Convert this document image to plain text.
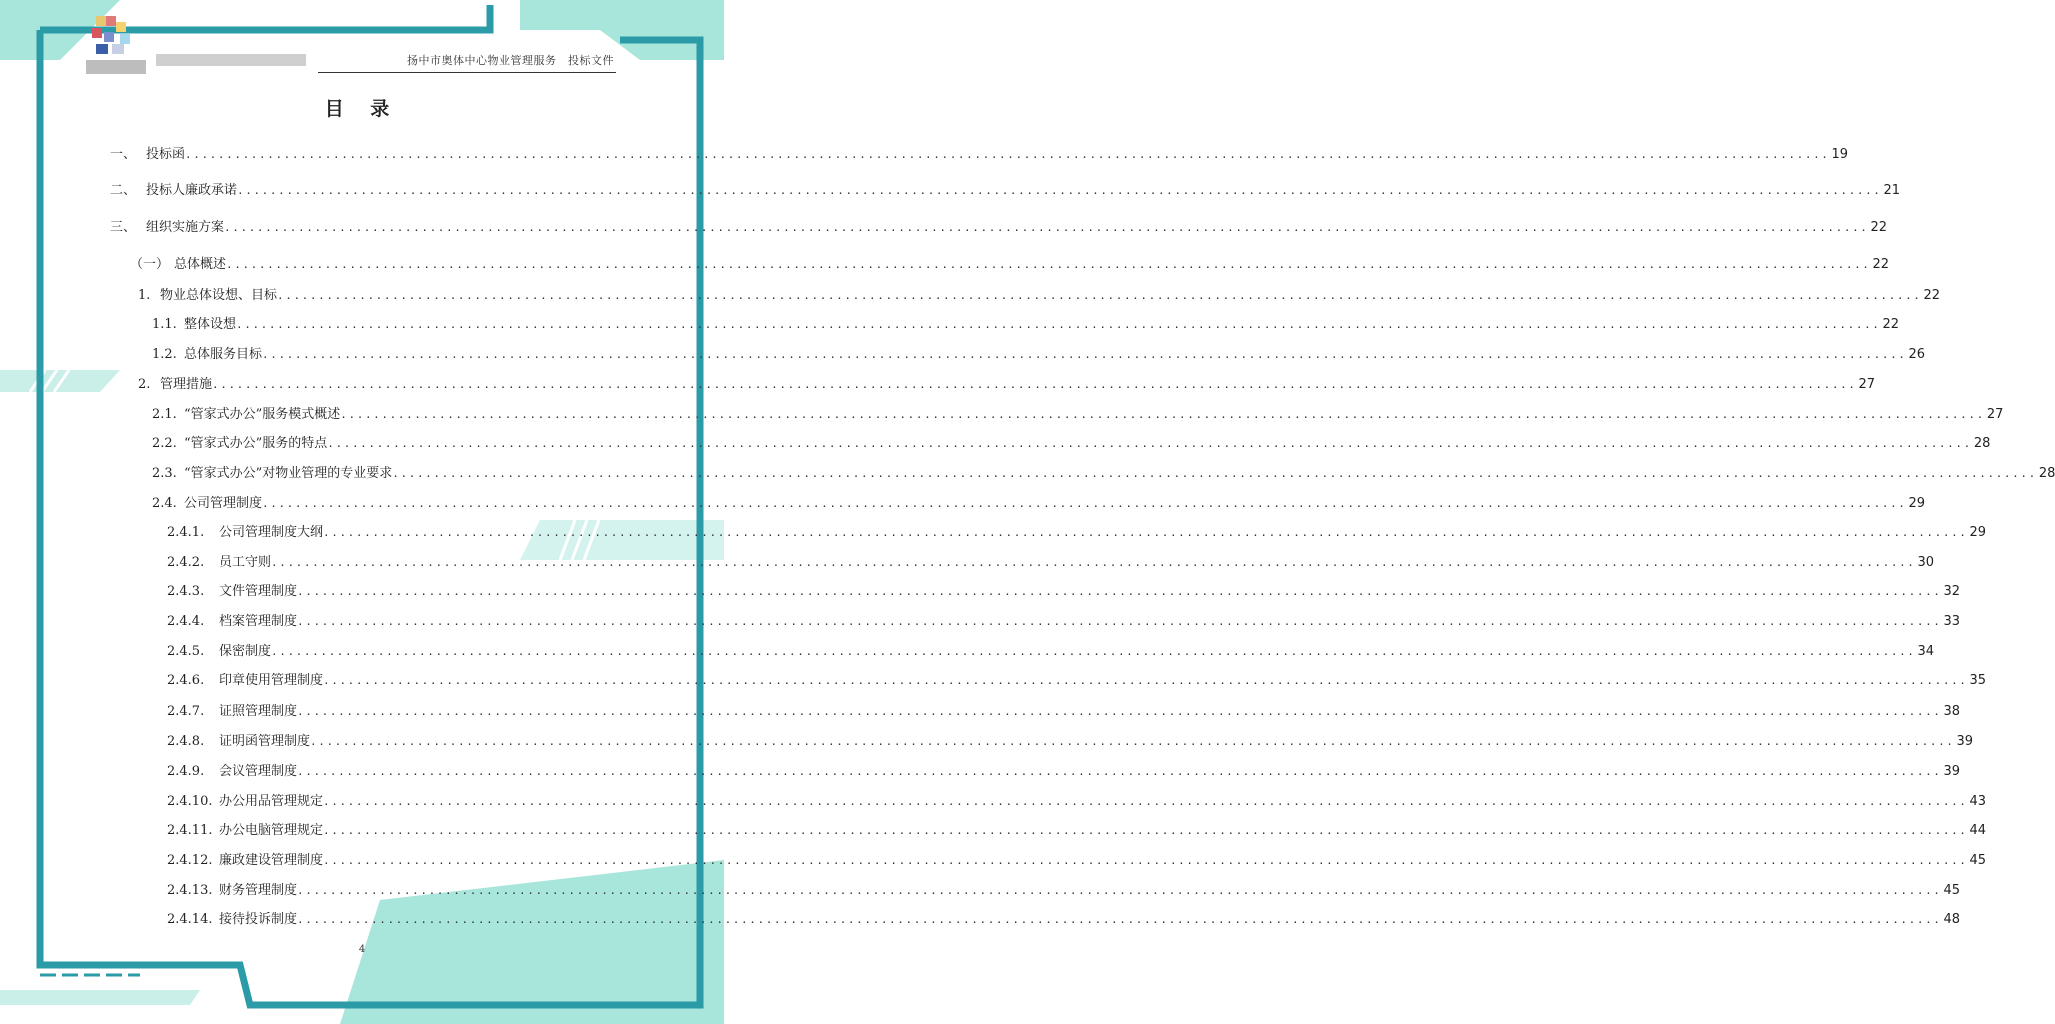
扬中市奥体中心物业管理服务　投标文件
目 录
一、 投标函 ........................................................................................................................................................................................................ 19
二、 投标人廉政承诺 ........................................................................................................................................................................................................ 21
三、 组织实施方案 ........................................................................................................................................................................................................ 22
（一） 总体概述 ........................................................................................................................................................................................................ 22
1. 物业总体设想、目标 ........................................................................................................................................................................................................ 22
1.1. 整体设想 ........................................................................................................................................................................................................ 22
1.2. 总体服务目标 ........................................................................................................................................................................................................ 26
2. 管理措施 ........................................................................................................................................................................................................ 27
2.1. “管家式办公”服务模式概述 ........................................................................................................................................................................................................ 27
2.2. “管家式办公”服务的特点 ........................................................................................................................................................................................................ 28
2.3. “管家式办公”对物业管理的专业要求 ........................................................................................................................................................................................................ 28
2.4. 公司管理制度 ........................................................................................................................................................................................................ 29
2.4.1.	公司管理制度大纲 ........................................................................................................................................................................................................ 29
2.4.2.	员工守则 ........................................................................................................................................................................................................ 30
2.4.3.	文件管理制度 ........................................................................................................................................................................................................ 32
2.4.4.	档案管理制度 ........................................................................................................................................................................................................ 33
2.4.5.	保密制度 ........................................................................................................................................................................................................ 34
2.4.6.	印章使用管理制度 ........................................................................................................................................................................................................ 35
2.4.7.	证照管理制度 ........................................................................................................................................................................................................ 38
2.4.8.	证明函管理制度 ........................................................................................................................................................................................................ 39
2.4.9.	会议管理制度 ........................................................................................................................................................................................................ 39
2.4.10. 办公用品管理规定 ........................................................................................................................................................................................................ 43
2.4.11. 办公电脑管理规定 ........................................................................................................................................................................................................ 44
2.4.12. 廉政建设管理制度 ........................................................................................................................................................................................................ 45
2.4.13. 财务管理制度 ........................................................................................................................................................................................................ 45
2.4.14. 接待投诉制度 ........................................................................................................................................................................................................ 48
4
